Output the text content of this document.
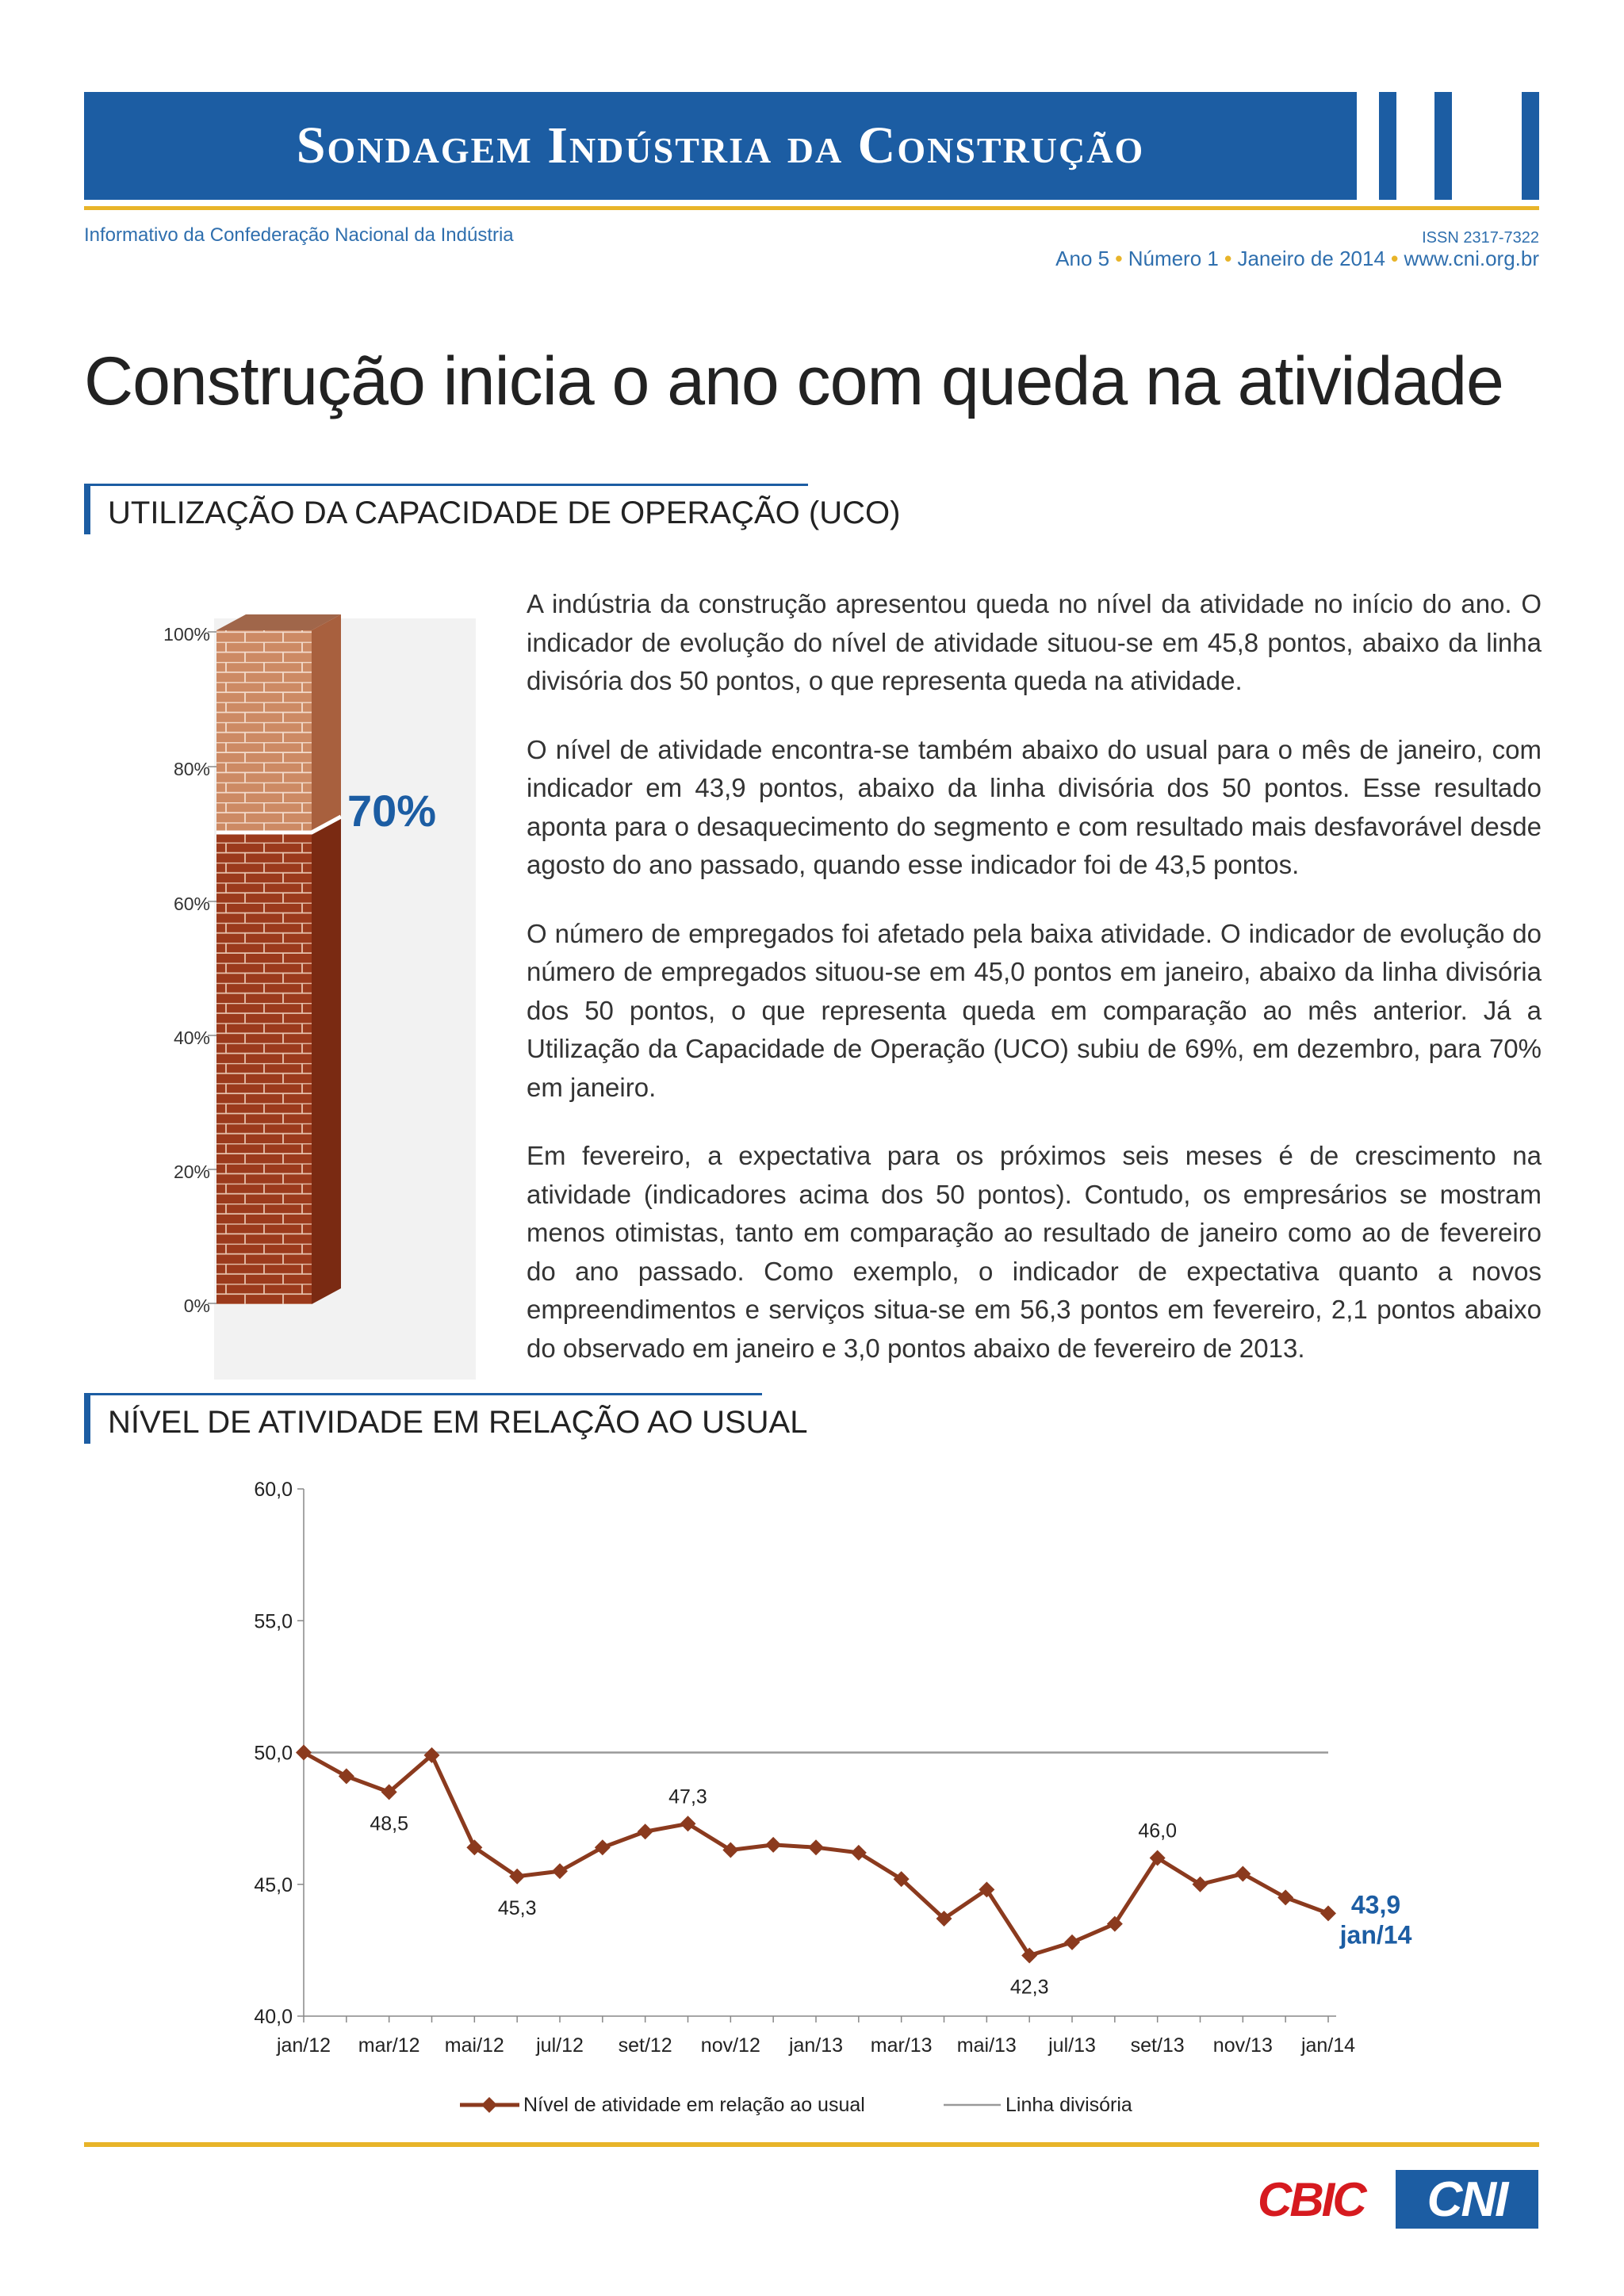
Sondagem Indústria da Construção
Informativo da Confederação Nacional da Indústria	ISSN 2317-7322
Ano 5 • Número 1 • Janeiro de 2014 • www.cni.org.br
Construção inicia o ano com queda na atividade
UTILIZAÇÃO DA CAPACIDADE DE OPERAÇÃO (UCO)
100%
80%
60%
40%
20%
0%
70%

A indústria da construção apresentou queda no nível da atividade no início do ano. O indicador de evolução do nível de atividade situou-se em 45,8 pontos, abaixo da linha divisória dos 50 pontos, o que representa queda na atividade.

O nível de atividade encontra-se também abaixo do usual para o mês de janeiro, com indicador em 43,9 pontos, abaixo da linha divisória dos 50 pontos. Esse resultado aponta para o desaquecimento do segmento e com resultado mais desfavorável desde agosto do ano passado, quando esse indicador foi de 43,5 pontos.

O número de empregados foi afetado pela baixa atividade. O indicador de evolução do número de empregados situou-se em 45,0 pontos em janeiro, abaixo da linha divisória dos 50 pontos, o que representa queda em comparação ao mês anterior. Já a Utilização da Capacidade de Operação (UCO) subiu de 69%, em dezembro, para 70% em janeiro.

Em fevereiro, a expectativa para os próximos seis meses é de crescimento na atividade (indicadores acima dos 50 pontos). Contudo, os empresários se mostram menos otimistas, tanto em comparação ao resultado de janeiro como ao de fevereiro do ano passado. Como exemplo, o indicador de expectativa quanto a novos empreendimentos e serviços situa-se em 56,3 pontos em fevereiro, 2,1 pontos abaixo do observado em janeiro e 3,0 pontos abaixo de fevereiro de 2013.

NÍVEL DE ATIVIDADE EM RELAÇÃO AO USUAL
60,0
55,0
50,0
45,0
40,0
jan/12 mar/12 mai/12 jul/12 set/12 nov/12 jan/13 mar/13 mai/13 jul/13 set/13 nov/13 jan/14
48,5
45,3
47,3
42,3
46,0
43,9
jan/14
Nível de atividade em relação ao usual	Linha divisória
CBIC	CNI
